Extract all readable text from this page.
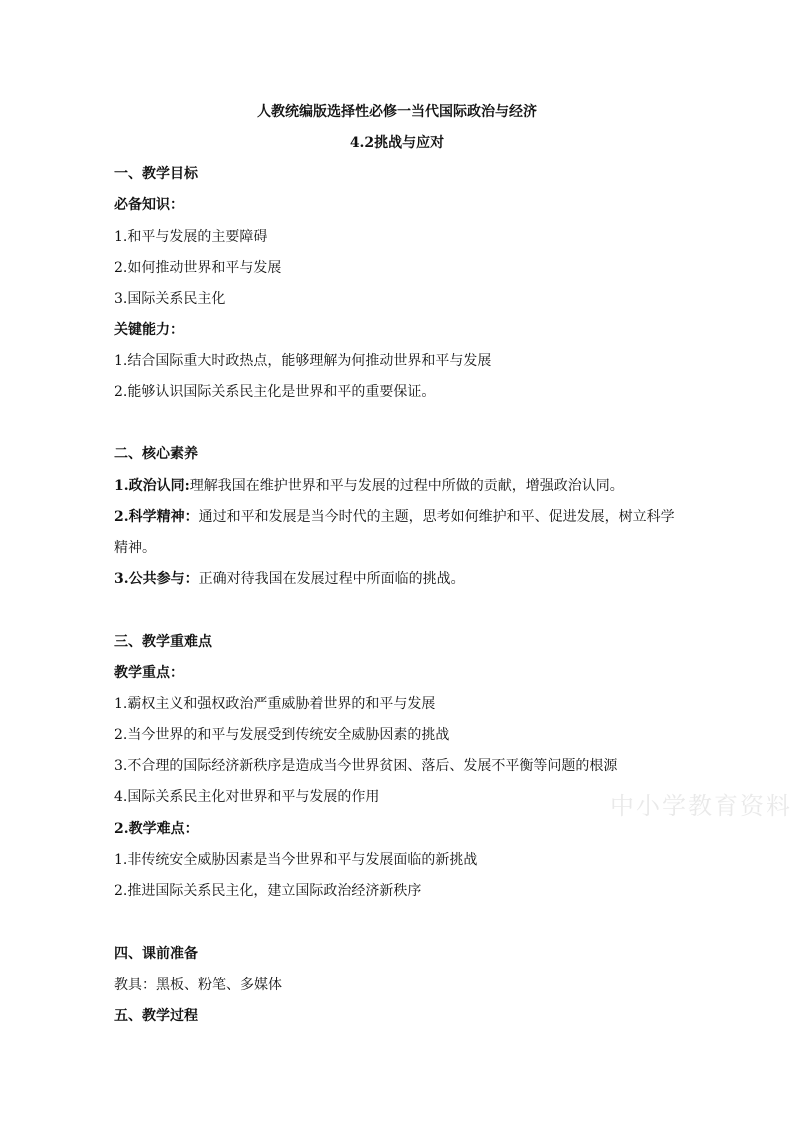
人教统编版选择性必修一当代国际政治与经济
4.2挑战与应对
一、教学目标
必备知识：
1.和平与发展的主要障碍
2.如何推动世界和平与发展
3.国际关系民主化
关键能力：
1.结合国际重大时政热点，能够理解为何推动世界和平与发展
2.能够认识国际关系民主化是世界和平的重要保证。
二、核心素养
1.政治认同:理解我国在维护世界和平与发展的过程中所做的贡献，增强政治认同。
2.科学精神：通过和平和发展是当今时代的主题，思考如何维护和平、促进发展，树立科学
精神。
3.公共参与：正确对待我国在发展过程中所面临的挑战。
三、教学重难点
教学重点：
1.霸权主义和强权政治严重威胁着世界的和平与发展
2.当今世界的和平与发展受到传统安全威胁因素的挑战
3.不合理的国际经济新秩序是造成当今世界贫困、落后、发展不平衡等问题的根源
4.国际关系民主化对世界和平与发展的作用
2.教学难点：
1.非传统安全威胁因素是当今世界和平与发展面临的新挑战
2.推进国际关系民主化，建立国际政治经济新秩序
四、课前准备
教具：黑板、粉笔、多媒体
五、教学过程
中小学教育资料
